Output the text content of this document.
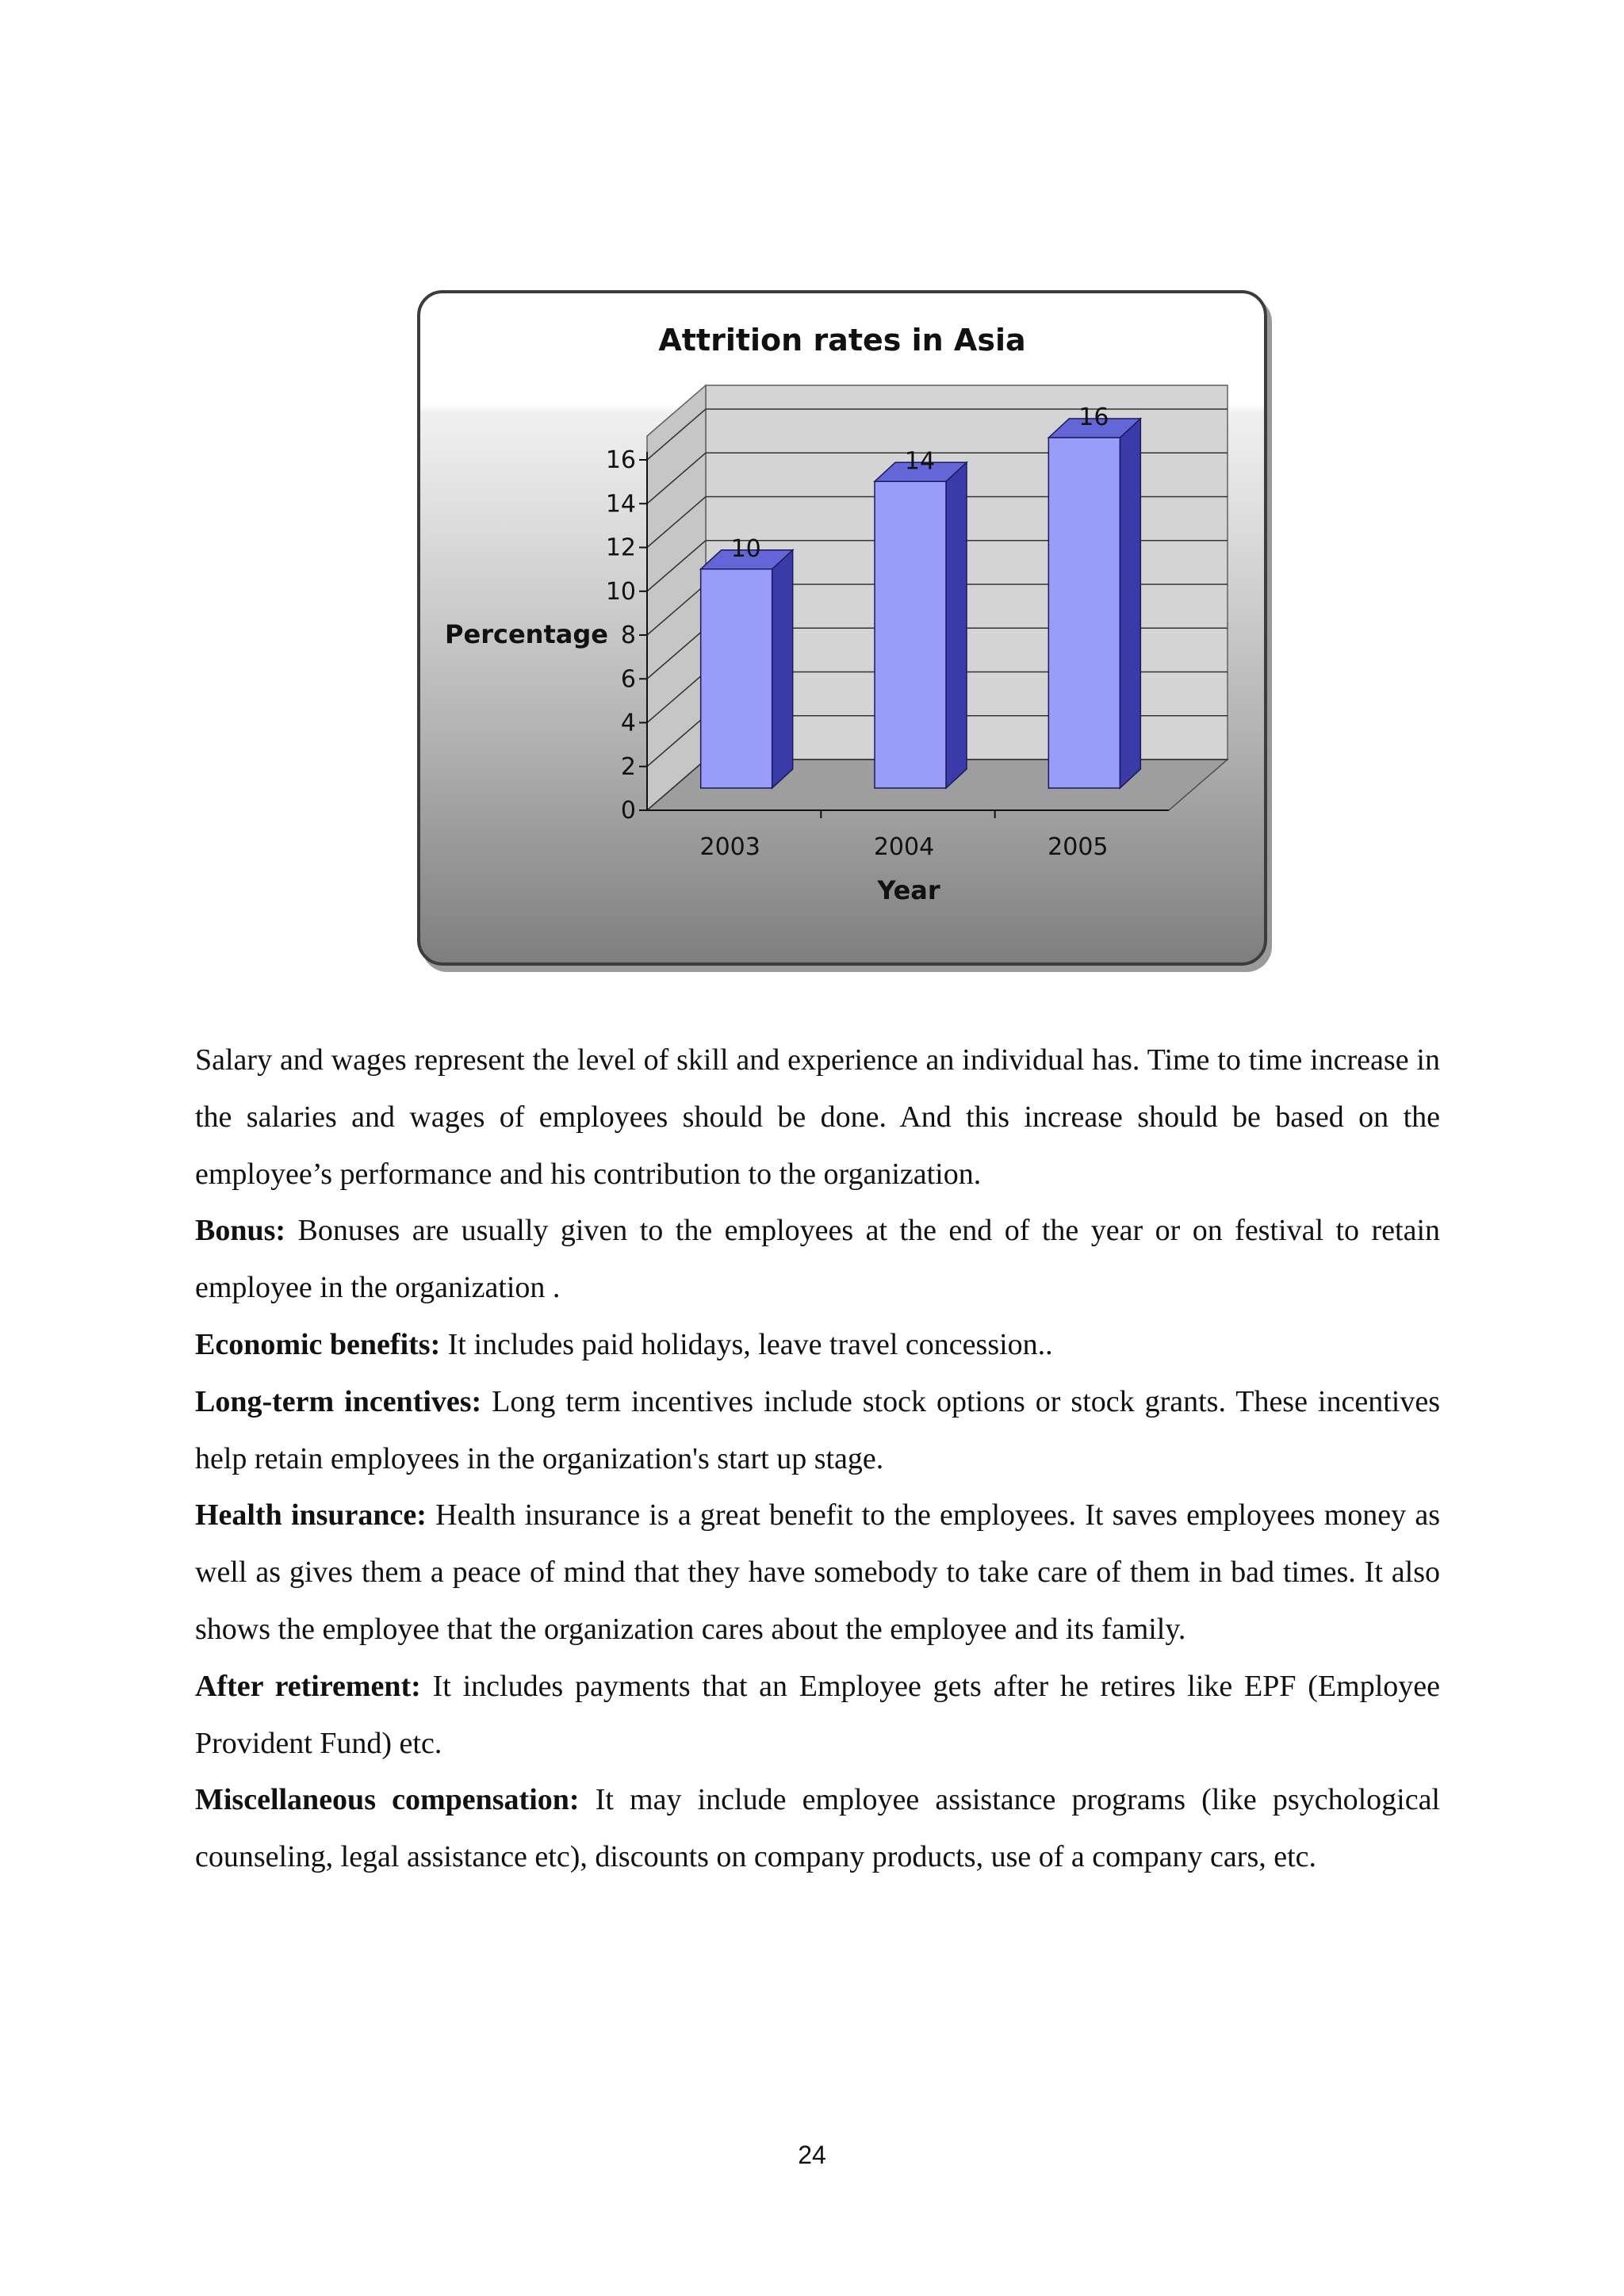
Attrition rates in Asia
Percentage
Year
0
2
4
6
8
10
12
14
16
10
2003
14
2004
16
2005

Salary and wages represent the level of skill and experience an individual has. Time to time increase in the salaries and wages of employees should be done. And this increase should be based on the employee’s performance and his contribution to the organization.

Bonus: Bonuses are usually given to the employees at the end of the year or on festival to retain employee in the organization .

Economic benefits: It includes paid holidays, leave travel concession..

Long-term incentives: Long term incentives include stock options or stock grants. These incentives help retain employees in the organization's start up stage.

Health insurance: Health insurance is a great benefit to the employees. It saves employees money as well as gives them a peace of mind that they have somebody to take care of them in bad times. It also shows the employee that the organization cares about the employee and its family.

After retirement: It includes payments that an Employee gets after he retires like EPF (Employee Provident Fund) etc.

Miscellaneous compensation: It may include employee assistance programs (like psychological counseling, legal assistance etc), discounts on company products, use of a company cars, etc.

24
